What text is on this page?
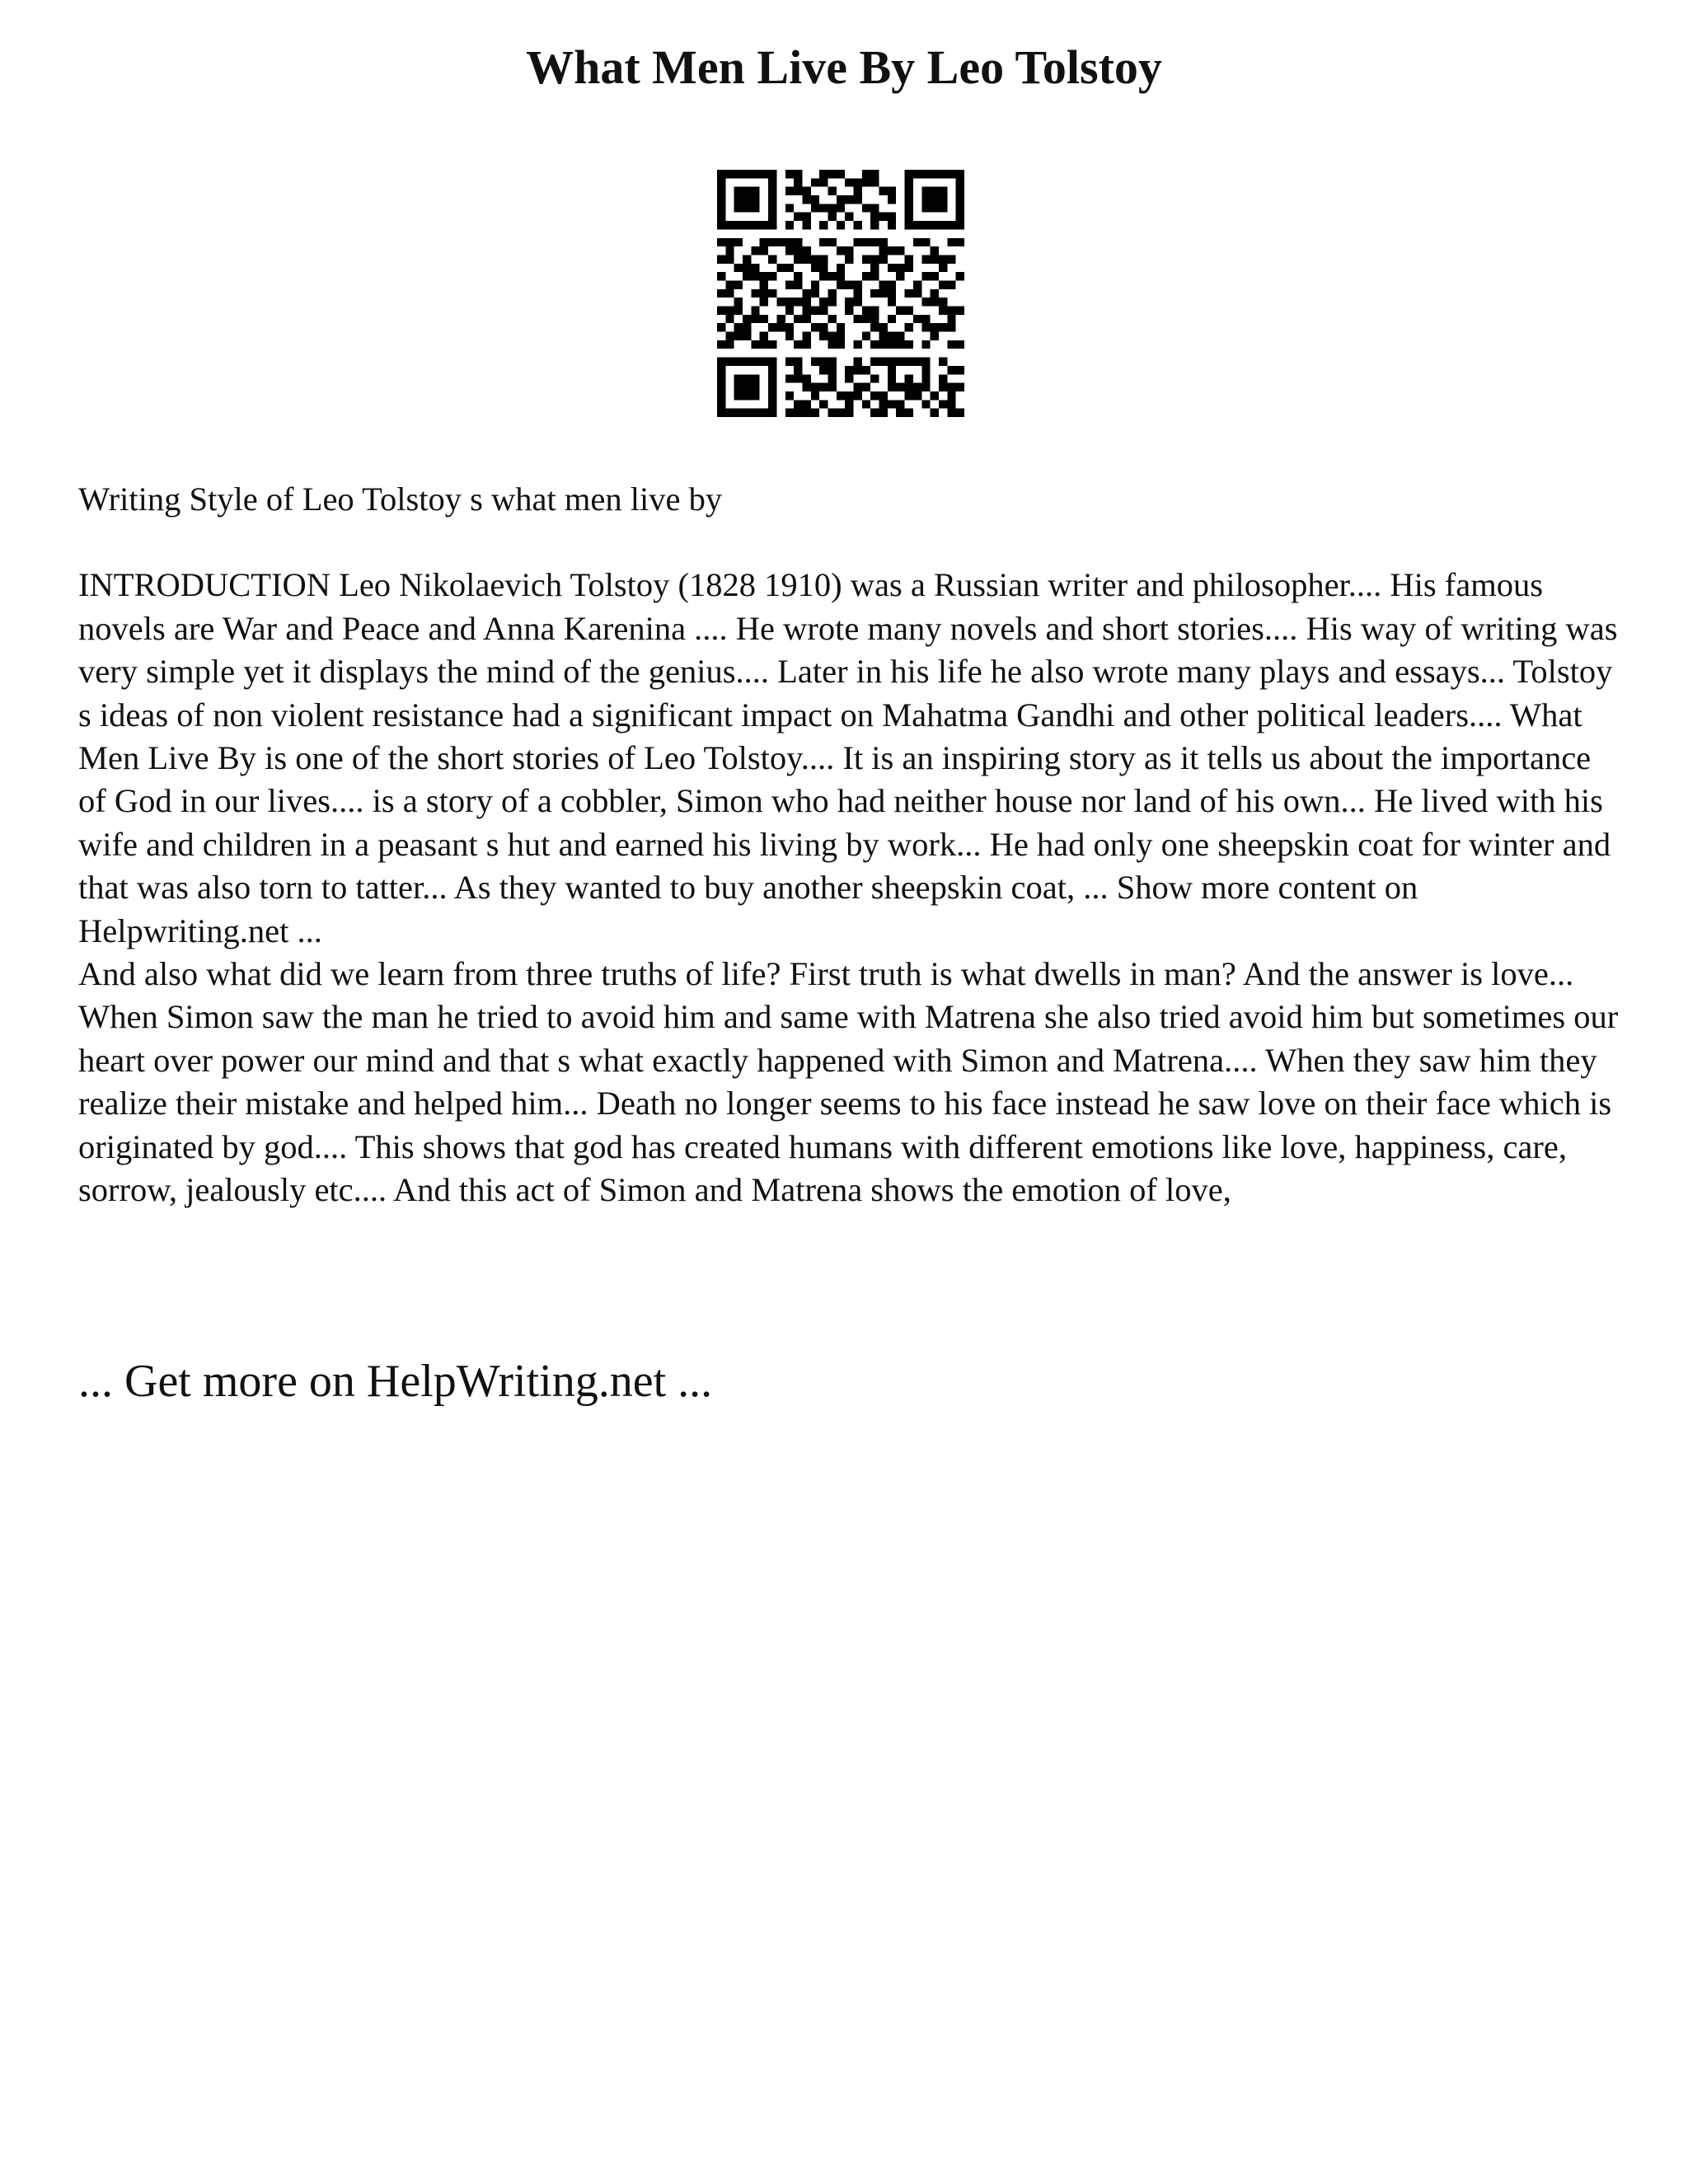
What Men Live By Leo Tolstoy

Writing Style of Leo Tolstoy s what men live by

INTRODUCTION Leo Nikolaevich Tolstoy (1828 1910) was a Russian writer and philosopher.... His famous novels are War and Peace and Anna Karenina .... He wrote many novels and short stories.... His way of writing was very simple yet it displays the mind of the genius.... Later in his life he also wrote many plays and essays... Tolstoy s ideas of non violent resistance had a significant impact on Mahatma Gandhi and other political leaders.... What Men Live By is one of the short stories of Leo Tolstoy.... It is an inspiring story as it tells us about the importance of God in our lives.... is a story of a cobbler, Simon who had neither house nor land of his own... He lived with his wife and children in a peasant s hut and earned his living by work... He had only one sheepskin coat for winter and that was also torn to tatter... As they wanted to buy another sheepskin coat, ... Show more content on Helpwriting.net ...

And also what did we learn from three truths of life? First truth is what dwells in man? And the answer is love... When Simon saw the man he tried to avoid him and same with Matrena she also tried avoid him but sometimes our heart over power our mind and that s what exactly happened with Simon and Matrena.... When they saw him they realize their mistake and helped him... Death no longer seems to his face instead he saw love on their face which is originated by god.... This shows that god has created humans with different emotions like love, happiness, care, sorrow, jealously etc.... And this act of Simon and Matrena shows the emotion of love,

... Get more on HelpWriting.net ...
